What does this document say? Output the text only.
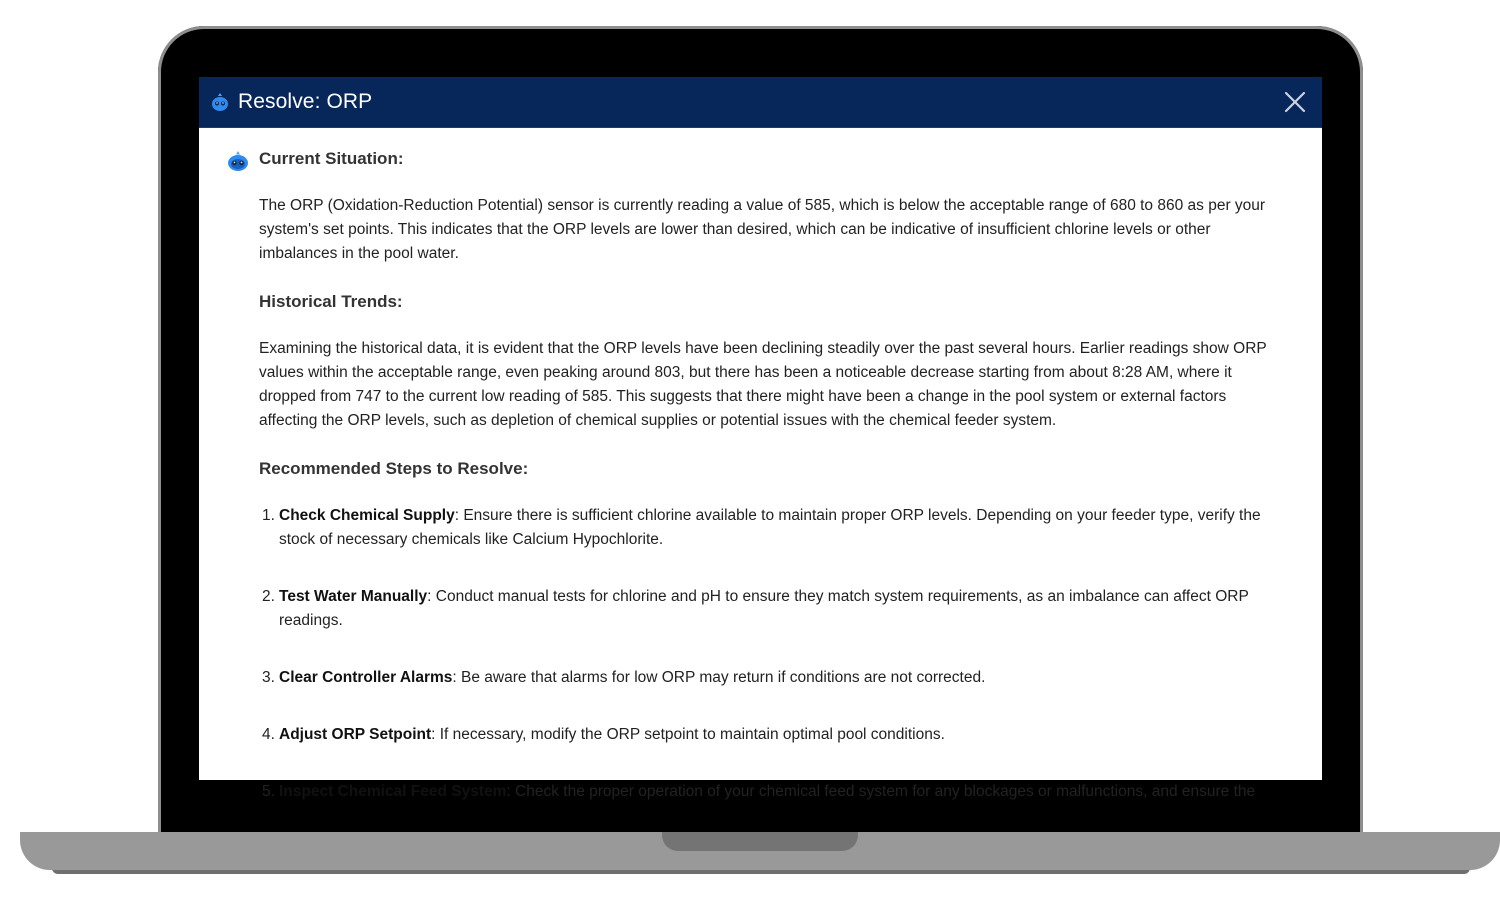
Resolve: ORP
Current Situation:

The ORP (Oxidation-Reduction Potential) sensor is currently reading a value of 585, which is below the acceptable range of 680 to 860 as per your system's set points. This indicates that the ORP levels are lower than desired, which can be indicative of insufficient chlorine levels or other imbalances in the pool water.

Historical Trends:

Examining the historical data, it is evident that the ORP levels have been declining steadily over the past several hours. Earlier readings show ORP values within the acceptable range, even peaking around 803, but there has been a noticeable decrease starting from about 8:28 AM, where it dropped from 747 to the current low reading of 585. This suggests that there might have been a change in the pool system or external factors affecting the ORP levels, such as depletion of chemical supplies or potential issues with the chemical feeder system.

Recommended Steps to Resolve:
Check Chemical Supply: Ensure there is sufficient chlorine available to maintain proper ORP levels. Depending on your feeder type, verify the stock of necessary chemicals like Calcium Hypochlorite.
Test Water Manually: Conduct manual tests for chlorine and pH to ensure they match system requirements, as an imbalance can affect ORP readings.
Clear Controller Alarms: Be aware that alarms for low ORP may return if conditions are not corrected.
Adjust ORP Setpoint: If necessary, modify the ORP setpoint to maintain optimal pool conditions.
Inspect Chemical Feed System: Check the proper operation of your chemical feed system for any blockages or malfunctions, and ensure the
